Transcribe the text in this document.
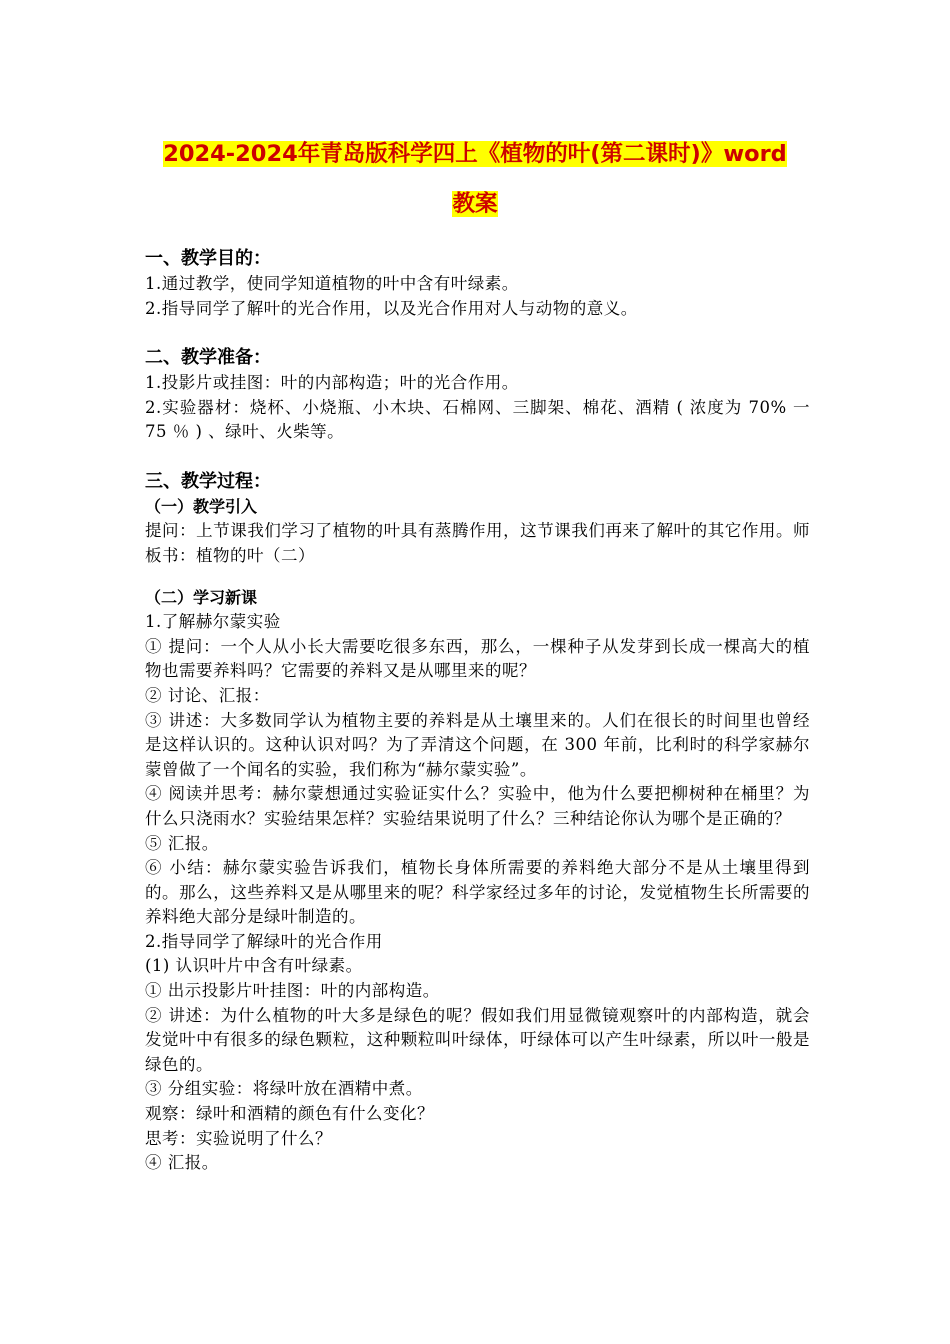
2024-2024年青岛版科学四上《植物的叶(第二课时)》word
教案
一、教学目的：

1.通过教学，使同学知道植物的叶中含有叶绿素。

2.指导同学了解叶的光合作用，以及光合作用对人与动物的意义。

二、教学准备：

1.投影片或挂图：叶的内部构造；叶的光合作用。

2.实验器材：烧杯、小烧瓶、小木块、石棉网、三脚架、棉花、酒精 ( 浓度为 70% 一 75 ％ ) 、绿叶、火柴等。

三、教学过程：
（一）教学引入

提问：上节课我们学习了植物的叶具有蒸腾作用，这节课我们再来了解叶的其它作用。师板书：植物的叶（二）

（二）学习新课

1.了解赫尔蒙实验

① 提问：一个人从小长大需要吃很多东西，那么，一棵种子从发芽到长成一棵高大的植物也需要养料吗？它需要的养料又是从哪里来的呢？

② 讨论、汇报：

③ 讲述：大多数同学认为植物主要的养料是从土壤里来的。人们在很长的时间里也曾经是这样认识的。这种认识对吗？为了弄清这个问题，在 300 年前，比利时的科学家赫尔蒙曾做了一个闻名的实验，我们称为“赫尔蒙实验”。

④ 阅读并思考：赫尔蒙想通过实验证实什么？实验中，他为什么要把柳树种在桶里？为什么只浇雨水？实验结果怎样？实验结果说明了什么？三种结论你认为哪个是正确的？

⑤ 汇报。

⑥ 小结：赫尔蒙实验告诉我们，植物长身体所需要的养料绝大部分不是从土壤里得到的。那么，这些养料又是从哪里来的呢？科学家经过多年的讨论，发觉植物生长所需要的养料绝大部分是绿叶制造的。

2.指导同学了解绿叶的光合作用

(1) 认识叶片中含有叶绿素。

① 出示投影片叶挂图：叶的内部构造。

② 讲述：为什么植物的叶大多是绿色的呢？假如我们用显微镜观察叶的内部构造，就会发觉叶中有很多的绿色颗粒，这种颗粒叫叶绿体，吁绿体可以产生叶绿素，所以叶一般是绿色的。

③ 分组实验：将绿叶放在酒精中煮。

观察：绿叶和酒精的颜色有什么变化？

思考：实验说明了什么？

④ 汇报。
